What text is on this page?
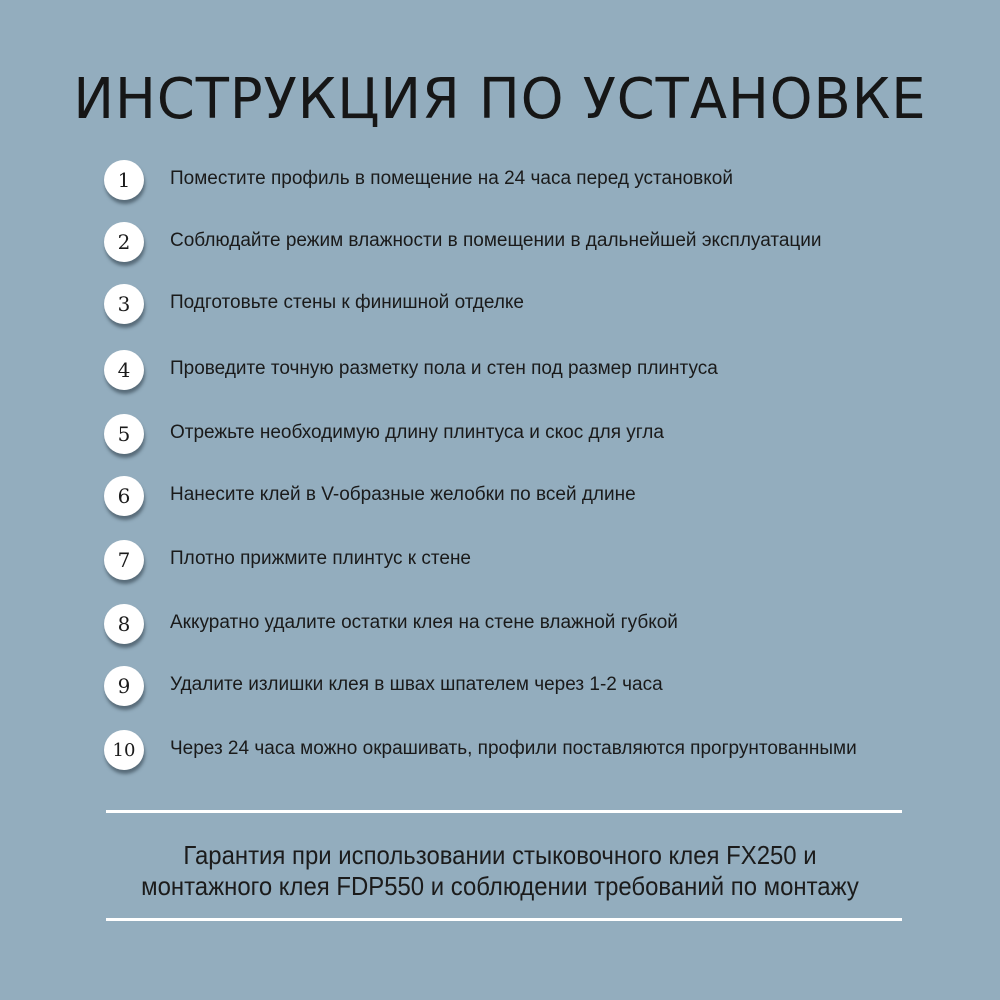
ИНСТРУКЦИЯ ПО УСТАНОВКЕ
1	Поместите профиль в помещение на 24 часа перед установкой
2	Соблюдайте режим влажности в помещении в дальнейшей эксплуатации
3	Подготовьте стены к финишной отделке
4	Проведите точную разметку пола и стен под размер плинтуса
5	Отрежьте необходимую длину плинтуса и скос для угла
6	Нанесите клей в V-образные желобки по всей длине
7	Плотно прижмите плинтус к стене
8	Аккуратно удалите остатки клея на стене влажной губкой
9	Удалите излишки клея в швах шпателем через 1-2 часа
10	Через 24 часа можно окрашивать, профили поставляются прогрунтованными
Гарантия при использовании стыковочного клея FX250 и
монтажного клея FDP550 и соблюдении требований по монтажу
